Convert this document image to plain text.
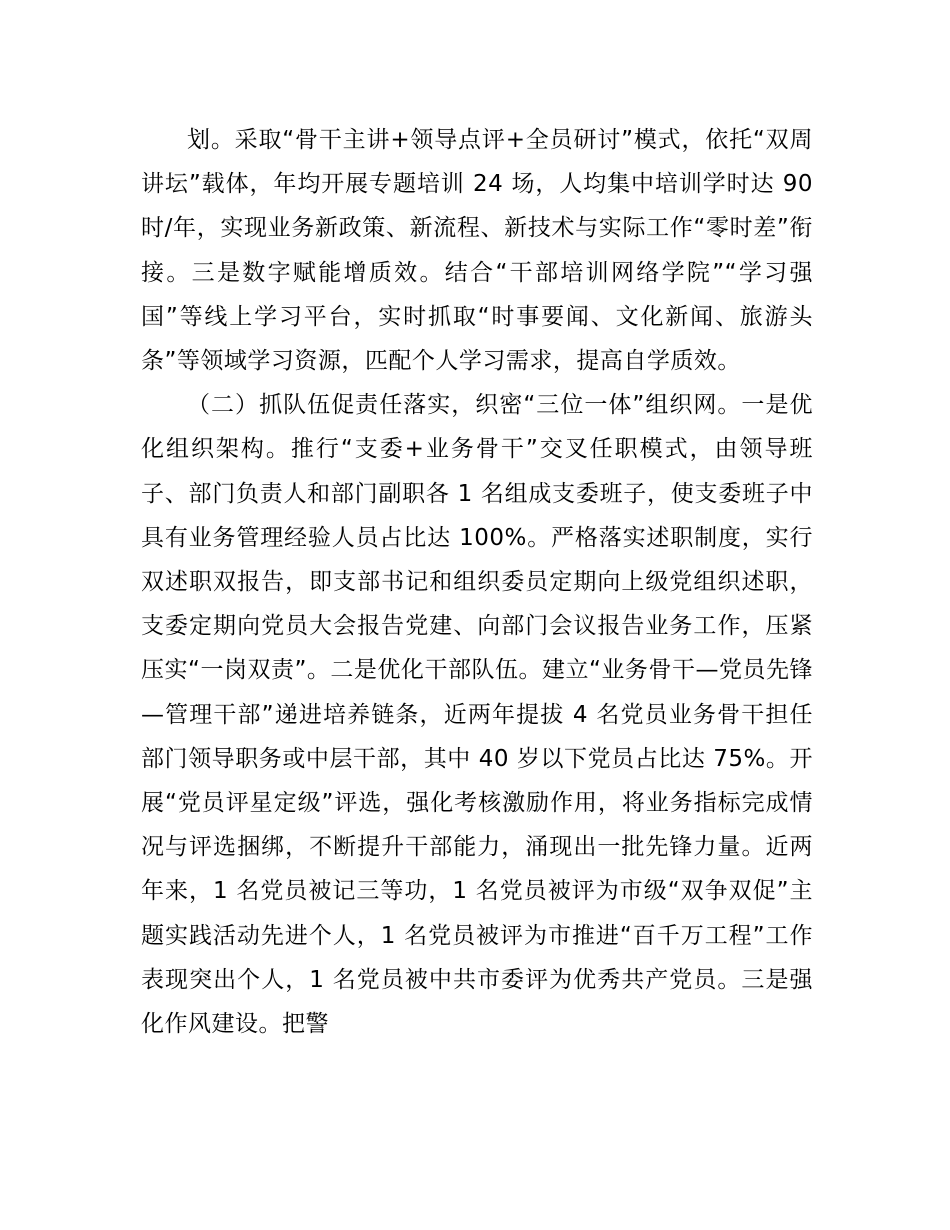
划。采取“骨干主讲+领导点评+全员研讨”模式，依托“双周讲坛”载体，年均开展专题培训 24 场，人均集中培训学时达 90 时/年，实现业务新政策、新流程、新技术与实际工作“零时差”衔接。三是数字赋能增质效。结合“干部培训网络学院”“学习强国”等线上学习平台，实时抓取“时事要闻、文化新闻、旅游头条”等领域学习资源，匹配个人学习需求，提高自学质效。

（二）抓队伍促责任落实，织密“三位一体”组织网。一是优化组织架构。推行“支委+业务骨干”交叉任职模式，由领导班子、部门负责人和部门副职各 1 名组成支委班子，使支委班子中具有业务管理经验人员占比达 100%。严格落实述职制度，实行双述职双报告，即支部书记和组织委员定期向上级党组织述职，支委定期向党员大会报告党建、向部门会议报告业务工作，压紧压实“一岗双责”。二是优化干部队伍。建立“业务骨干—党员先锋—管理干部”递进培养链条，近两年提拔 4 名党员业务骨干担任部门领导职务或中层干部，其中 40 岁以下党员占比达 75%。开展“党员评星定级”评选，强化考核激励作用，将业务指标完成情况与评选捆绑，不断提升干部能力，涌现出一批先锋力量。近两年来，1 名党员被记三等功，1 名党员被评为市级“双争双促”主题实践活动先进个人，1 名党员被评为市推进“百千万工程”工作表现突出个人，1 名党员被中共市委评为优秀共产党员。三是强化作风建设。把警
